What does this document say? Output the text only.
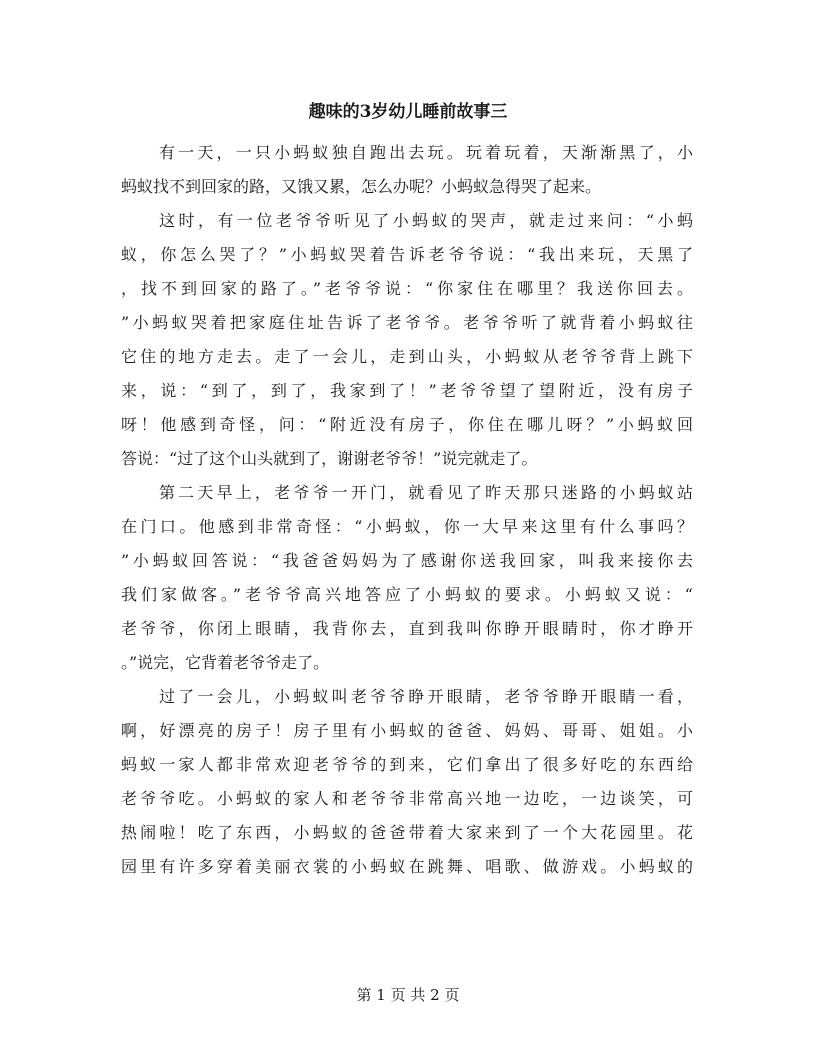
趣味的3岁幼儿睡前故事三
有一天，一只小蚂蚁独自跑出去玩。玩着玩着，天渐渐黑了，小
蚂蚁找不到回家的路，又饿又累，怎么办呢？小蚂蚁急得哭了起来。
这时，有一位老爷爷听见了小蚂蚁的哭声，就走过来问：“小蚂
蚁，你怎么哭了？”小蚂蚁哭着告诉老爷爷说：“我出来玩，天黑了
，找不到回家的路了。”老爷爷说：“你家住在哪里？我送你回去。
”小蚂蚁哭着把家庭住址告诉了老爷爷。老爷爷听了就背着小蚂蚁往
它住的地方走去。走了一会儿，走到山头，小蚂蚁从老爷爷背上跳下
来，说：“到了，到了，我家到了！”老爷爷望了望附近，没有房子
呀！他感到奇怪，问：“附近没有房子，你住在哪儿呀？”小蚂蚁回
答说：“过了这个山头就到了，谢谢老爷爷！”说完就走了。
第二天早上，老爷爷一开门，就看见了昨天那只迷路的小蚂蚁站
在门口。他感到非常奇怪：“小蚂蚁，你一大早来这里有什么事吗？
”小蚂蚁回答说：“我爸爸妈妈为了感谢你送我回家，叫我来接你去
我们家做客。”老爷爷高兴地答应了小蚂蚁的要求。小蚂蚁又说：“
老爷爷，你闭上眼睛，我背你去，直到我叫你睁开眼睛时，你才睁开
。”说完，它背着老爷爷走了。
过了一会儿，小蚂蚁叫老爷爷睁开眼睛，老爷爷睁开眼睛一看，
啊，好漂亮的房子！房子里有小蚂蚁的爸爸、妈妈、哥哥、姐姐。小
蚂蚁一家人都非常欢迎老爷爷的到来，它们拿出了很多好吃的东西给
老爷爷吃。小蚂蚁的家人和老爷爷非常高兴地一边吃，一边谈笑，可
热闹啦！吃了东西，小蚂蚁的爸爸带着大家来到了一个大花园里。花
园里有许多穿着美丽衣裳的小蚂蚁在跳舞、唱歌、做游戏。小蚂蚁的
第 1 页 共 2 页
